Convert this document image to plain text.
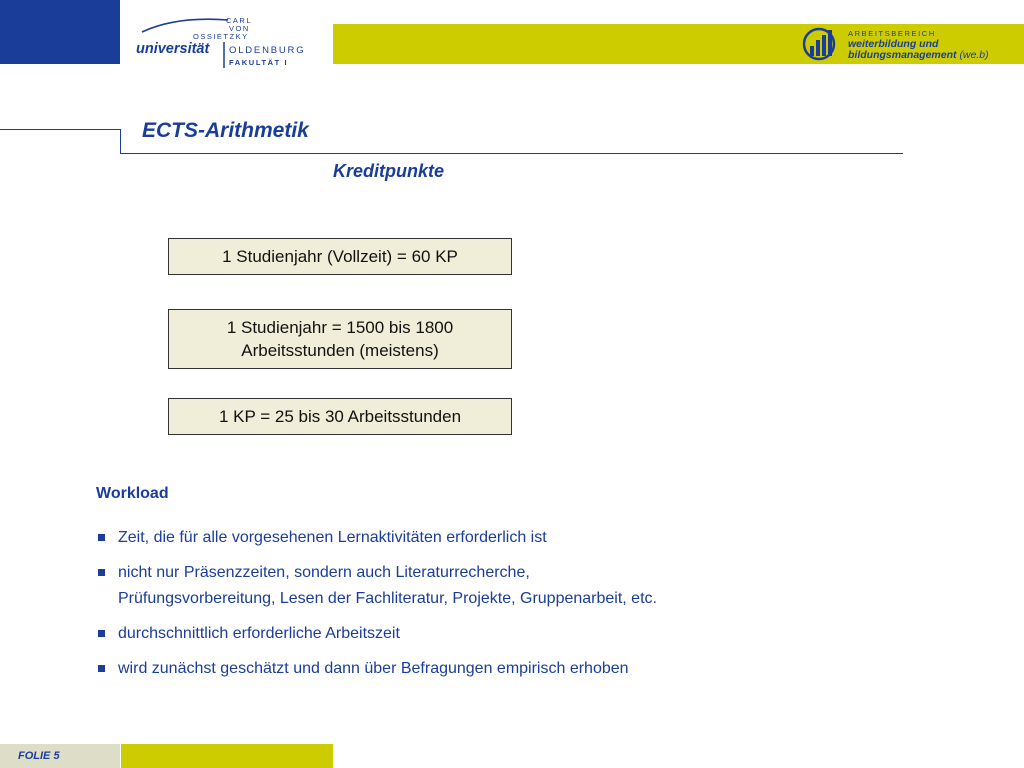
CARL
VON
OSSIETZKY
universität OLDENBURG
FAKULTÄT I
ARBEITSBEREICH
weiterbildung und
bildungsmanagement (we.b)
ECTS-Arithmetik
Kreditpunkte
1 Studienjahr (Vollzeit) = 60 KP
1 Studienjahr = 1500 bis 1800
Arbeitsstunden (meistens)
1 KP = 25 bis 30 Arbeitsstunden
Workload
Zeit, die für alle vorgesehenen Lernaktivitäten erforderlich ist
nicht nur Präsenzzeiten, sondern auch Literaturrecherche,
Prüfungsvorbereitung, Lesen der Fachliteratur, Projekte, Gruppenarbeit, etc.
durchschnittlich erforderliche Arbeitszeit
wird zunächst geschätzt und dann über Befragungen empirisch erhoben
FOLIE 5
